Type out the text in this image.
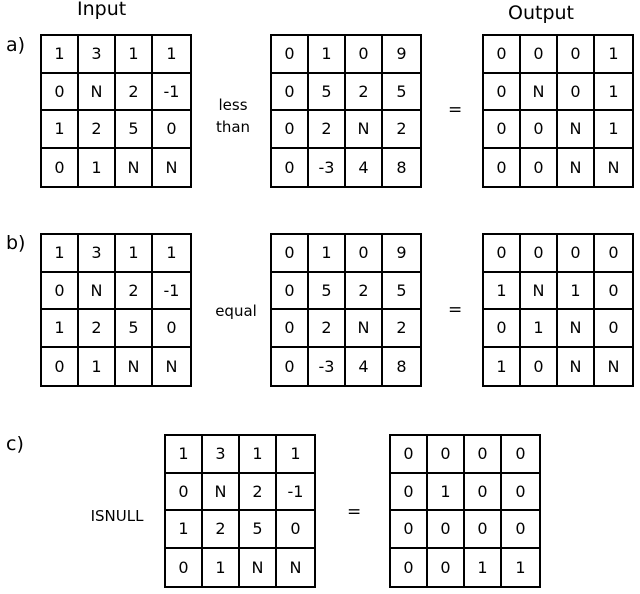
Input	Output
a)	1	3	1	1
0	N	2	-1
1	2	5	0
0	1	N	N
less
than
0	1	0	9
0	5	2	5
0	2	N	2
0	-3	4	8
=
0	0	0	1
0	N	0	1
0	0	N	1
0	0	N	N
b)	1	3	1	1
0	N	2	-1
1	2	5	0
0	1	N	N
equal
0	1	0	9
0	5	2	5
0	2	N	2
0	-3	4	8
=
0	0	0	0
1	N	1	0
0	1	N	0
1	0	N	N
c)
ISNULL
1	3	1	1
0	N	2	-1
1	2	5	0
0	1	N	N
=
0	0	0	0
0	1	0	0
0	0	0	0
0	0	1	1
